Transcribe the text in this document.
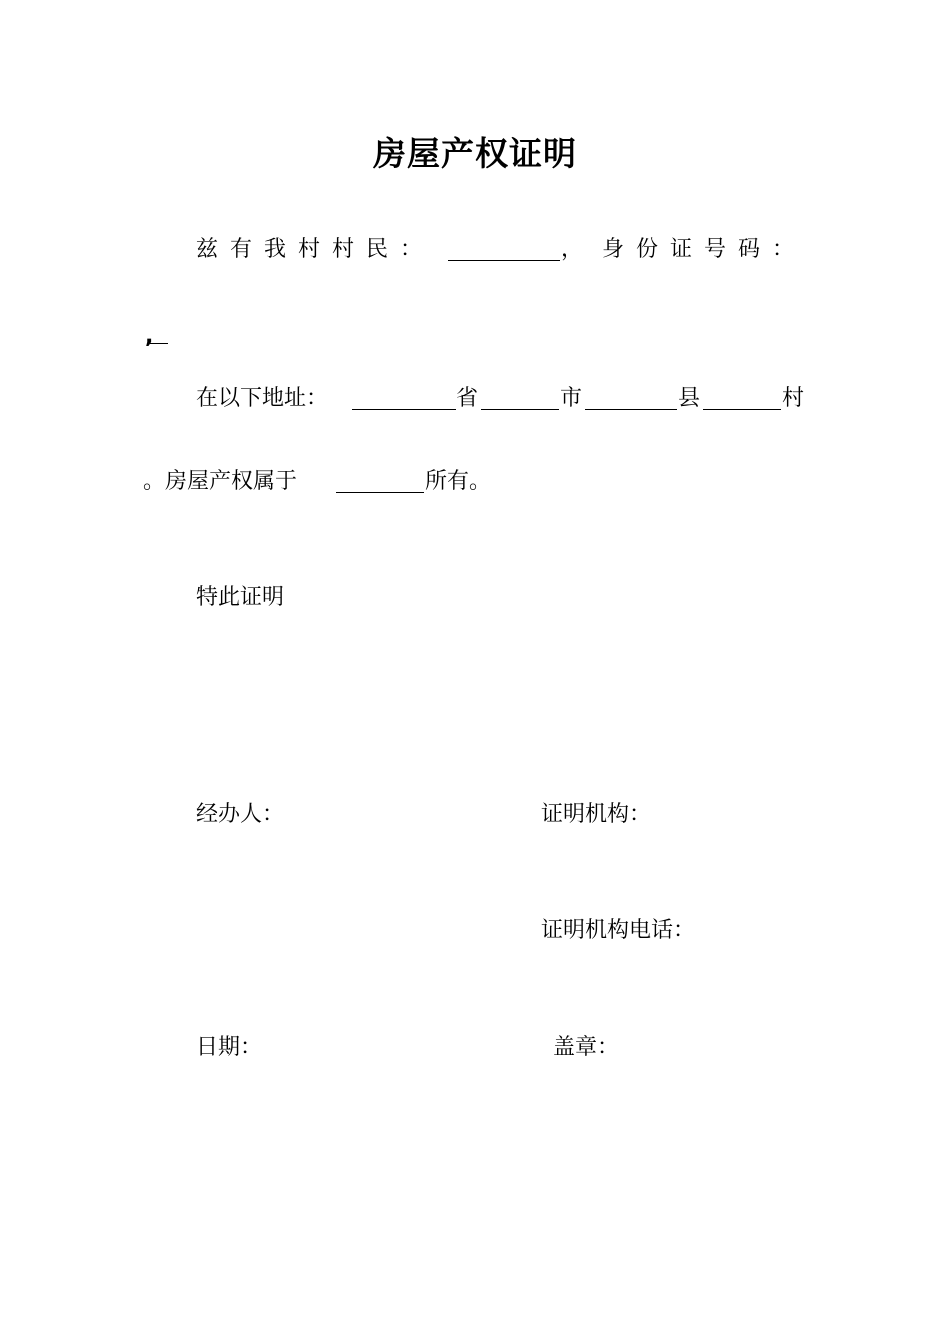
房屋产权证明
兹有我村村民：	， 身份证号码：
,
在以下地址：	省	市	县	村
。房屋产权属于	所有。
特此证明
经办人：	证明机构：
证明机构电话：
日期：	盖章：
